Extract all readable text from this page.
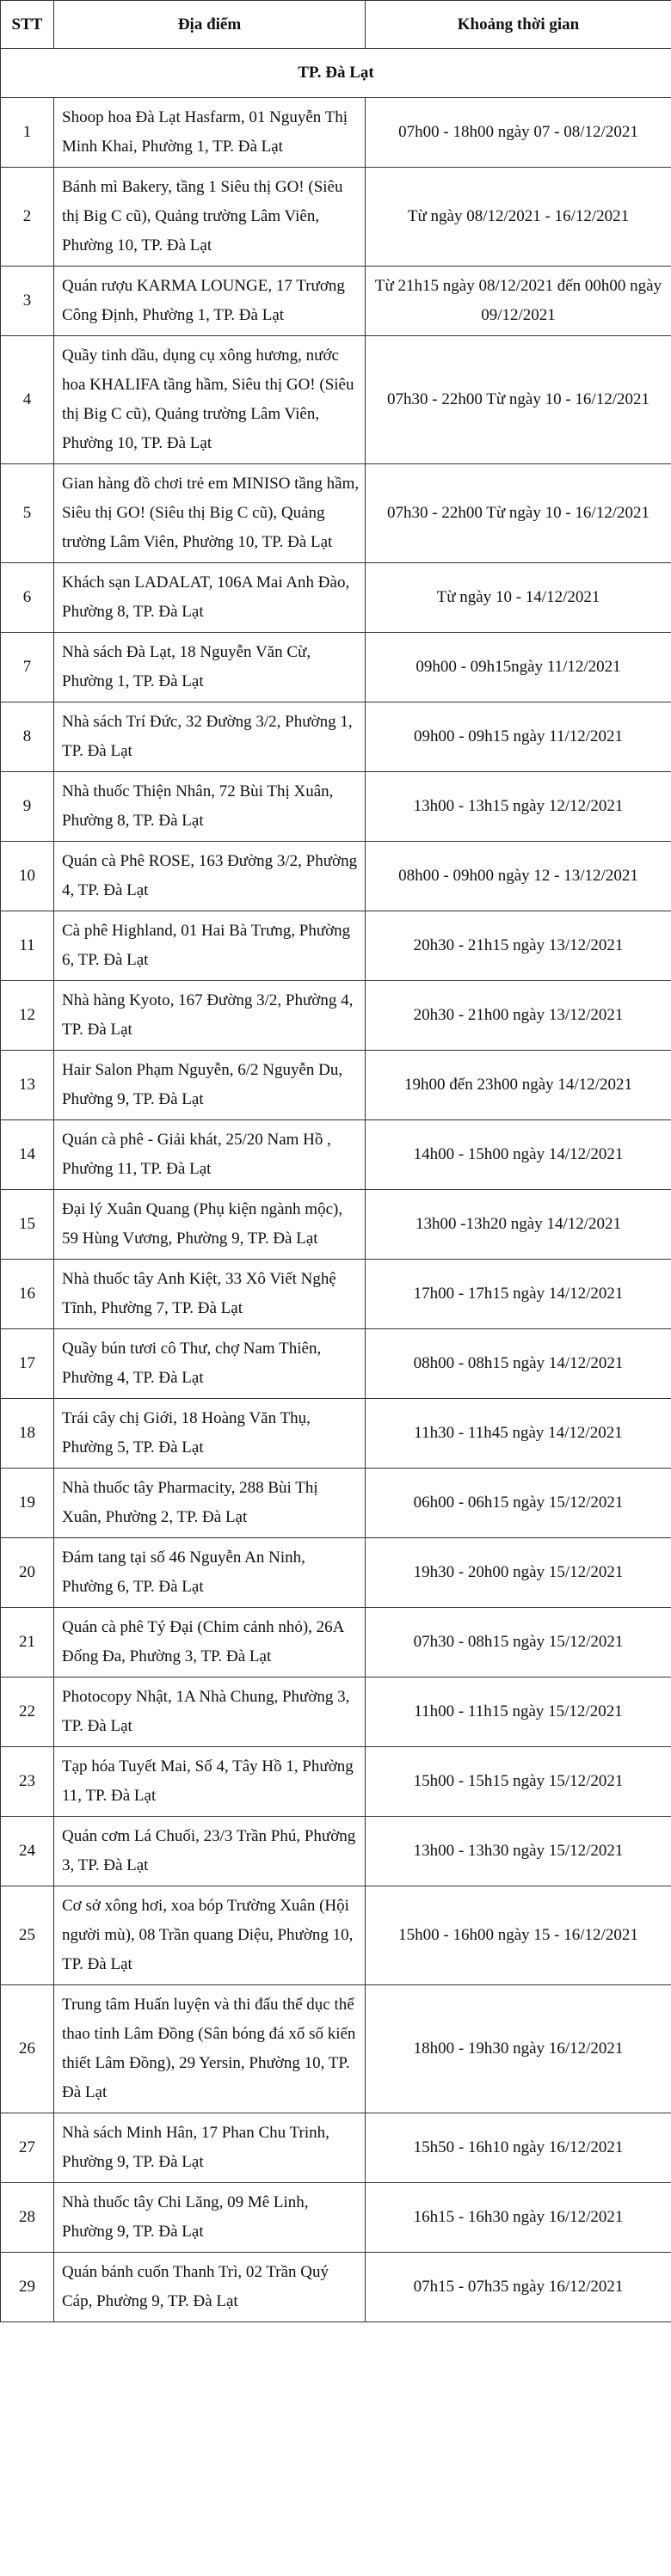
STT	Địa điểm	Khoảng thời gian
TP. Đà Lạt		
1	Shoop hoa Đà Lạt Hasfarm, 01 Nguyễn Thị Minh Khai, Phường 1, TP. Đà Lạt	07h00 - 18h00 ngày 07 - 08/12/2021
2	Bánh mì Bakery, tầng 1 Siêu thị GO! (Siêu thị Big C cũ), Quảng trường Lâm Viên, Phường 10, TP. Đà Lạt	Từ ngày 08/12/2021 - 16/12/2021
3	Quán rượu KARMA LOUNGE, 17 Trương Công Định, Phường 1, TP. Đà Lạt	Từ 21h15 ngày 08/12/2021 đến 00h00 ngày 09/12/2021
4	Quầy tinh dầu, dụng cụ xông hương, nước hoa KHALIFA tầng hầm, Siêu thị GO! (Siêu thị Big C cũ), Quảng trường Lâm Viên, Phường 10, TP. Đà Lạt	07h30 - 22h00 Từ ngày 10 - 16/12/2021
5	Gian hàng đồ chơi trẻ em MINISO tầng hầm, Siêu thị GO! (Siêu thị Big C cũ), Quảng trường Lâm Viên, Phường 10, TP. Đà Lạt	07h30 - 22h00 Từ ngày 10 - 16/12/2021
6	Khách sạn LADALAT, 106A Mai Anh Đào, Phường 8, TP. Đà Lạt	Từ ngày 10 - 14/12/2021
7	Nhà sách Đà Lạt, 18 Nguyễn Văn Cừ, Phường 1, TP. Đà Lạt	09h00 - 09h15ngày 11/12/2021
8	Nhà sách Trí Đức, 32 Đường 3/2, Phường 1, TP. Đà Lạt	09h00 - 09h15 ngày 11/12/2021
9	Nhà thuốc Thiện Nhân, 72 Bùi Thị Xuân, Phường 8, TP. Đà Lạt	13h00 - 13h15 ngày 12/12/2021
10	Quán cà Phê ROSE, 163 Đường 3/2, Phường 4, TP. Đà Lạt	08h00 - 09h00 ngày 12 - 13/12/2021
11	Cà phê Highland, 01 Hai Bà Trưng, Phường 6, TP. Đà Lạt	20h30 - 21h15 ngày 13/12/2021
12	Nhà hàng Kyoto, 167 Đường 3/2, Phường 4, TP. Đà Lạt	20h30 - 21h00 ngày 13/12/2021
13	Hair Salon Phạm Nguyễn, 6/2 Nguyễn Du, Phường 9, TP. Đà Lạt	19h00 đến 23h00 ngày 14/12/2021
14	Quán cà phê - Giải khát, 25/20 Nam Hồ , Phường 11, TP. Đà Lạt	14h00 - 15h00 ngày 14/12/2021
15	Đại lý Xuân Quang (Phụ kiện ngành mộc), 59 Hùng Vương, Phường 9, TP. Đà Lạt	13h00 -13h20 ngày 14/12/2021
16	Nhà thuốc tây Anh Kiệt, 33 Xô Viết Nghệ Tĩnh, Phường 7, TP. Đà Lạt	17h00 - 17h15 ngày 14/12/2021
17	Quầy bún tươi cô Thư, chợ Nam Thiên, Phường 4, TP. Đà Lạt	08h00 - 08h15 ngày 14/12/2021
18	Trái cây chị Giới, 18 Hoàng Văn Thụ, Phường 5, TP. Đà Lạt	11h30 - 11h45 ngày 14/12/2021
19	Nhà thuốc tây Pharmacity, 288 Bùi Thị Xuân, Phường 2, TP. Đà Lạt	06h00 - 06h15 ngày 15/12/2021
20	Đám tang tại số 46 Nguyễn An Ninh, Phường 6, TP. Đà Lạt	19h30 - 20h00 ngày 15/12/2021
21	Quán cà phê Tý Đại (Chim cảnh nhỏ), 26A Đống Đa, Phường 3, TP. Đà Lạt	07h30 - 08h15 ngày 15/12/2021
22	Photocopy Nhật, 1A Nhà Chung, Phường 3, TP. Đà Lạt	11h00 - 11h15 ngày 15/12/2021
23	Tạp hóa Tuyết Mai, Số 4, Tây Hồ 1, Phường 11, TP. Đà Lạt	15h00 - 15h15 ngày 15/12/2021
24	Quán cơm Lá Chuối, 23/3 Trần Phú, Phường 3, TP. Đà Lạt	13h00 - 13h30 ngày 15/12/2021
25	Cơ sở xông hơi, xoa bóp Trường Xuân (Hội người mù), 08 Trần quang Diệu, Phường 10, TP. Đà Lạt	15h00 - 16h00 ngày 15 - 16/12/2021
26	Trung tâm Huấn luyện và thi đấu thể dục thể thao tỉnh Lâm Đồng (Sân bóng đá xổ số kiến thiết Lâm Đồng), 29 Yersin, Phường 10, TP. Đà Lạt	18h00 - 19h30 ngày 16/12/2021
27	Nhà sách Minh Hân, 17 Phan Chu Trinh, Phường 9, TP. Đà Lạt	15h50 - 16h10 ngày 16/12/2021
28	Nhà thuốc tây Chi Lăng, 09 Mê Linh, Phường 9, TP. Đà Lạt	16h15 - 16h30 ngày 16/12/2021
29	Quán bánh cuốn Thanh Trì, 02 Trần Quý Cáp, Phường 9, TP. Đà Lạt	07h15 - 07h35 ngày 16/12/2021
